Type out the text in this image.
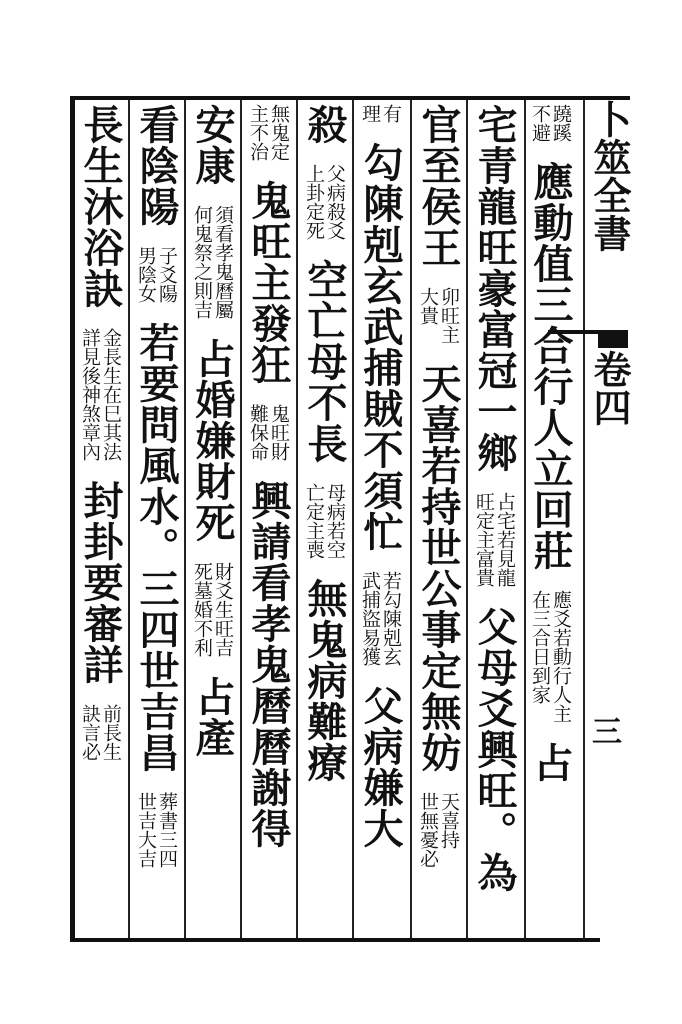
卜筮全書
卷四
三
蹺蹊
不避
應動值三合行人立回莊
應爻若動行人主
在三合日到家
占
宅青龍旺豪富冠一鄉
占宅若見龍
旺定主富貴
父母爻興旺。為
官至侯王
卯旺主
大貴
天喜若持世公事定無妨
天喜持
世無憂必
有
理
勾陳剋玄武捕賊不須忙
若勾陳剋玄
武捕盜易獲
父病嫌大
殺
父病殺爻
上卦定死
空亡母不長
母病若空
亡定主喪
無鬼病難療
無鬼定
主不治
鬼旺主發狂
鬼旺財
難保命
興請看孝鬼曆曆謝得
安康
須看孝鬼曆屬
何鬼祭之則吉
占婚嫌財死
財爻生旺吉
死墓婚不利
占產
看陰陽
子爻陽
男陰女
若要問風水。三四世吉昌
葬書三四
世吉大吉
長生沐浴訣
金長生在巳其法
詳見後神煞章內
封卦要審詳
前長生
訣言必
